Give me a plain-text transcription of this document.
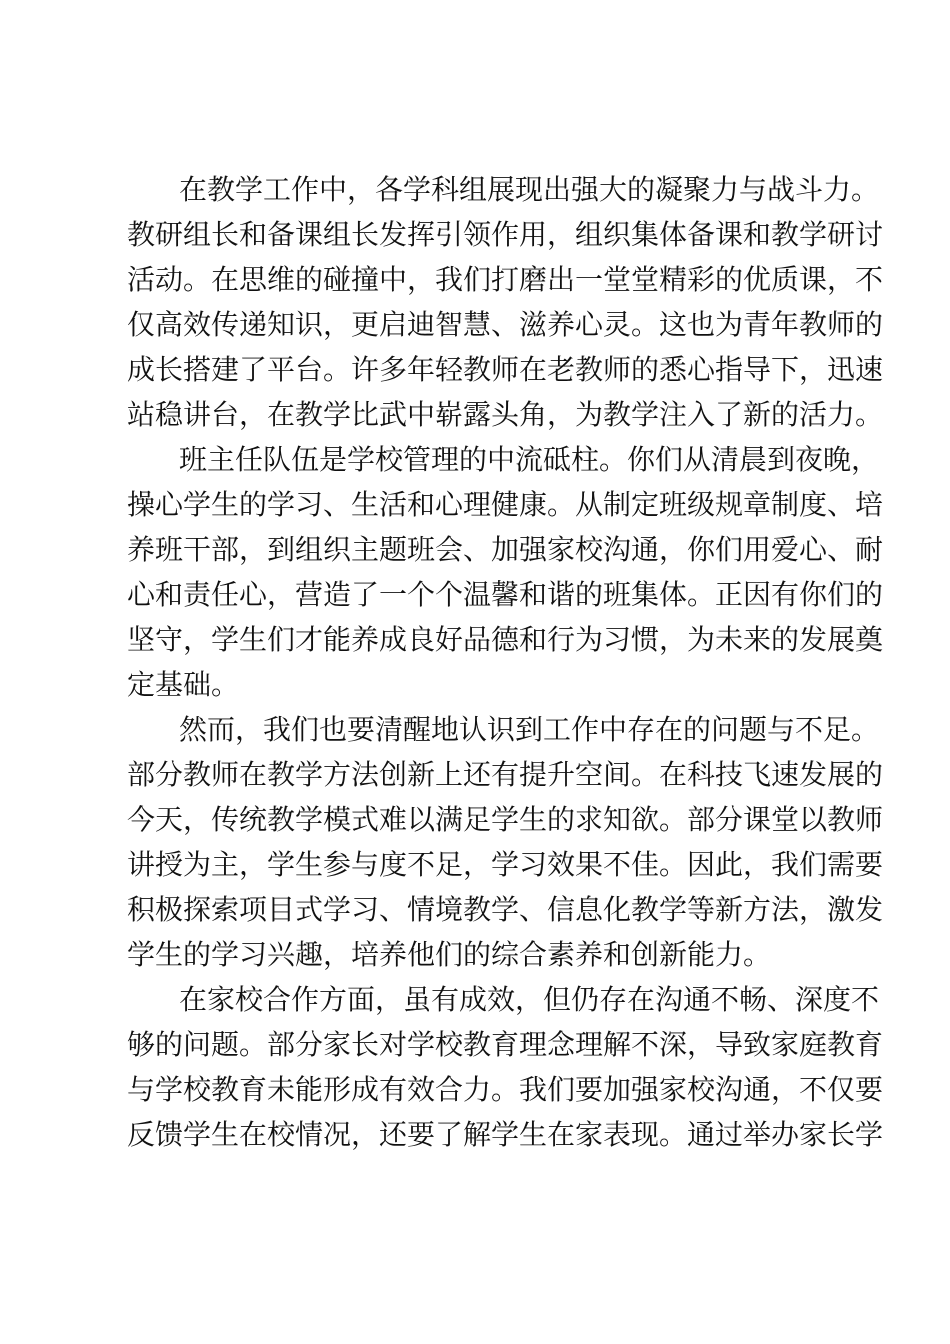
在教学工作中，各学科组展现出强大的凝聚力与战斗力。
教研组长和备课组长发挥引领作用，组织集体备课和教学研讨
活动。在思维的碰撞中，我们打磨出一堂堂精彩的优质课，不
仅高效传递知识，更启迪智慧、滋养心灵。这也为青年教师的
成长搭建了平台。许多年轻教师在老教师的悉心指导下，迅速
站稳讲台，在教学比武中崭露头角，为教学注入了新的活力。
班主任队伍是学校管理的中流砥柱。你们从清晨到夜晚，
操心学生的学习、生活和心理健康。从制定班级规章制度、培
养班干部，到组织主题班会、加强家校沟通，你们用爱心、耐
心和责任心，营造了一个个温馨和谐的班集体。正因有你们的
坚守，学生们才能养成良好品德和行为习惯，为未来的发展奠
定基础。
然而，我们也要清醒地认识到工作中存在的问题与不足。
部分教师在教学方法创新上还有提升空间。在科技飞速发展的
今天，传统教学模式难以满足学生的求知欲。部分课堂以教师
讲授为主，学生参与度不足，学习效果不佳。因此，我们需要
积极探索项目式学习、情境教学、信息化教学等新方法，激发
学生的学习兴趣，培养他们的综合素养和创新能力。
在家校合作方面，虽有成效，但仍存在沟通不畅、深度不
够的问题。部分家长对学校教育理念理解不深，导致家庭教育
与学校教育未能形成有效合力。我们要加强家校沟通，不仅要
反馈学生在校情况，还要了解学生在家表现。通过举办家长学
